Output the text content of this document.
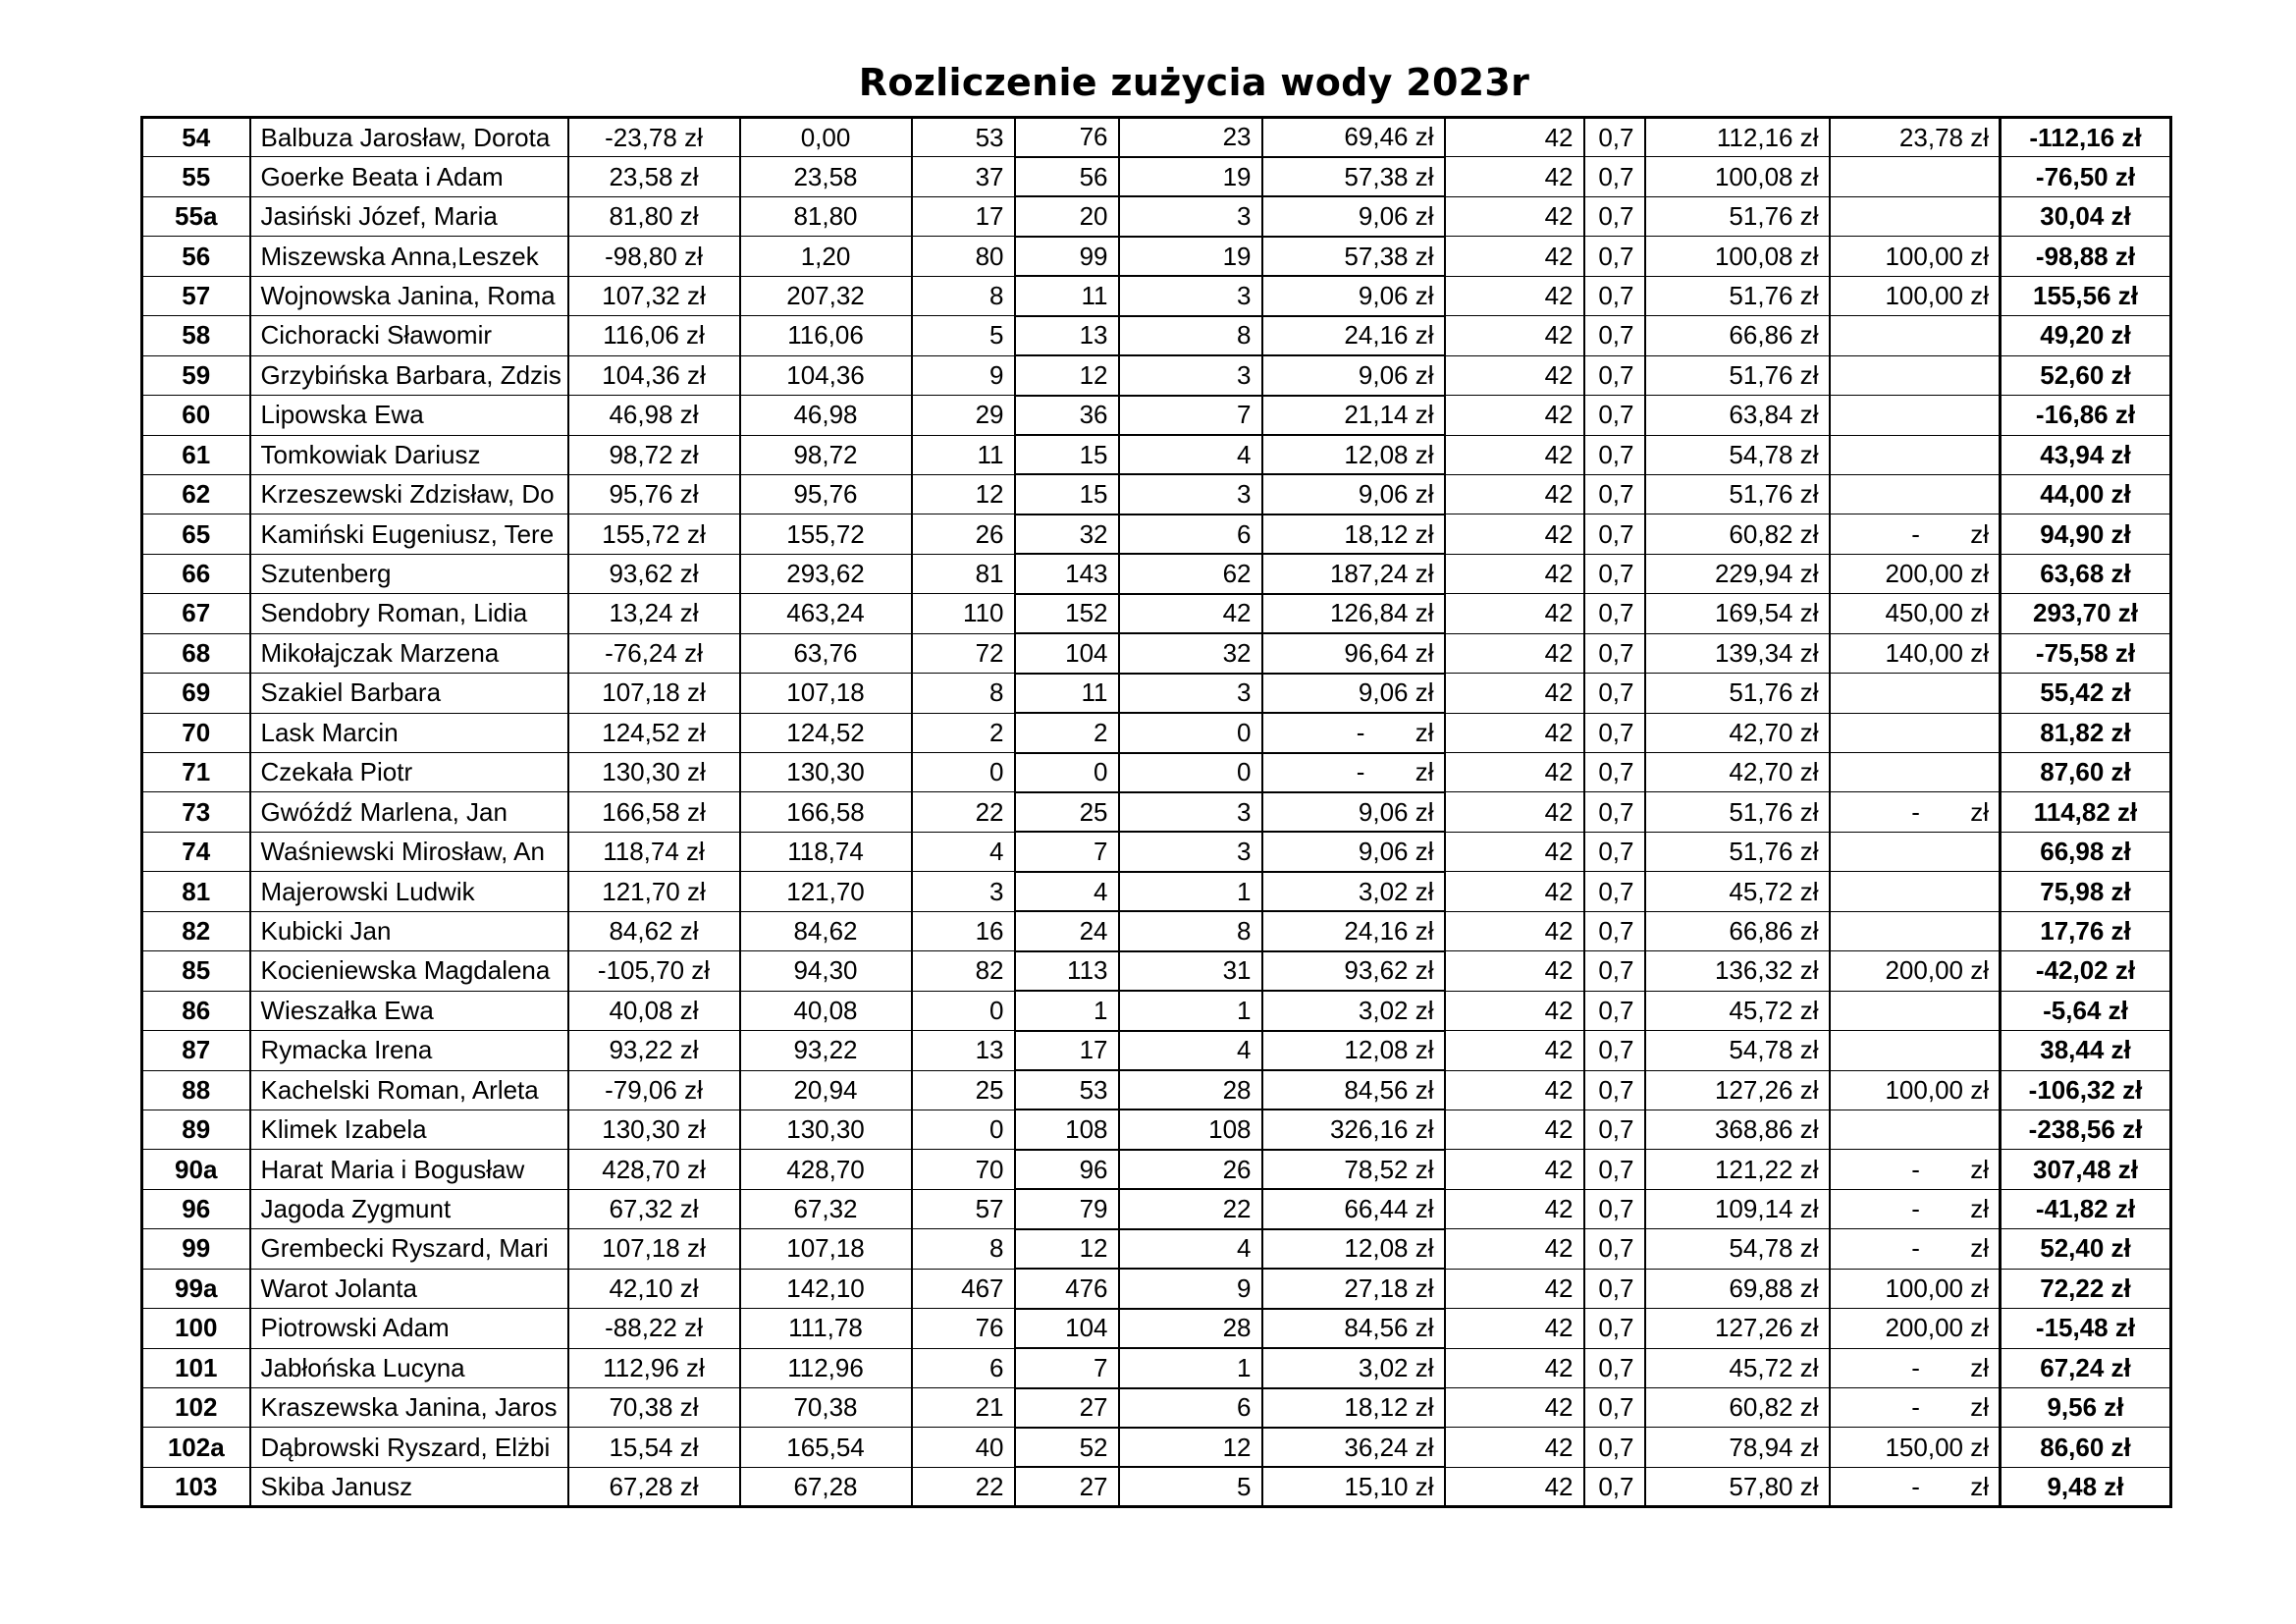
Rozliczenie zużycia wody 2023r
54	Balbuza Jarosław, Dorota	-23,78 zł	0,00	53	76	23	69,46 zł	42	0,7	112,16 zł	23,78 zł	-112,16 zł
55	Goerke Beata i Adam	23,58 zł	23,58	37	56	19	57,38 zł	42	0,7	100,08 zł		-76,50 zł
55a	Jasiński Józef, Maria	81,80 zł	81,80	17	20	3	9,06 zł	42	0,7	51,76 zł		30,04 zł
56	Miszewska Anna,Leszek	-98,80 zł	1,20	80	99	19	57,38 zł	42	0,7	100,08 zł	100,00 zł	-98,88 zł
57	Wojnowska Janina, Roma	107,32 zł	207,32	8	11	3	9,06 zł	42	0,7	51,76 zł	100,00 zł	155,56 zł
58	Cichoracki Sławomir	116,06 zł	116,06	5	13	8	24,16 zł	42	0,7	66,86 zł		49,20 zł
59	Grzybińska Barbara, Zdzis	104,36 zł	104,36	9	12	3	9,06 zł	42	0,7	51,76 zł		52,60 zł
60	Lipowska Ewa	46,98 zł	46,98	29	36	7	21,14 zł	42	0,7	63,84 zł		-16,86 zł
61	Tomkowiak Dariusz	98,72 zł	98,72	11	15	4	12,08 zł	42	0,7	54,78 zł		43,94 zł
62	Krzeszewski Zdzisław, Do	95,76 zł	95,76	12	15	3	9,06 zł	42	0,7	51,76 zł		44,00 zł
65	Kamiński Eugeniusz, Tere	155,72 zł	155,72	26	32	6	18,12 zł	42	0,7	60,82 zł	- zł	94,90 zł
66	Szutenberg	93,62 zł	293,62	81	143	62	187,24 zł	42	0,7	229,94 zł	200,00 zł	63,68 zł
67	Sendobry Roman, Lidia	13,24 zł	463,24	110	152	42	126,84 zł	42	0,7	169,54 zł	450,00 zł	293,70 zł
68	Mikołajczak Marzena	-76,24 zł	63,76	72	104	32	96,64 zł	42	0,7	139,34 zł	140,00 zł	-75,58 zł
69	Szakiel Barbara	107,18 zł	107,18	8	11	3	9,06 zł	42	0,7	51,76 zł		55,42 zł
70	Lask Marcin	124,52 zł	124,52	2	2	0	- zł	42	0,7	42,70 zł		81,82 zł
71	Czekała Piotr	130,30 zł	130,30	0	0	0	- zł	42	0,7	42,70 zł		87,60 zł
73	Gwóźdź Marlena, Jan	166,58 zł	166,58	22	25	3	9,06 zł	42	0,7	51,76 zł	- zł	114,82 zł
74	Waśniewski Mirosław, An	118,74 zł	118,74	4	7	3	9,06 zł	42	0,7	51,76 zł		66,98 zł
81	Majerowski Ludwik	121,70 zł	121,70	3	4	1	3,02 zł	42	0,7	45,72 zł		75,98 zł
82	Kubicki Jan	84,62 zł	84,62	16	24	8	24,16 zł	42	0,7	66,86 zł		17,76 zł
85	Kocieniewska Magdalena	-105,70 zł	94,30	82	113	31	93,62 zł	42	0,7	136,32 zł	200,00 zł	-42,02 zł
86	Wieszałka Ewa	40,08 zł	40,08	0	1	1	3,02 zł	42	0,7	45,72 zł		-5,64 zł
87	Rymacka Irena	93,22 zł	93,22	13	17	4	12,08 zł	42	0,7	54,78 zł		38,44 zł
88	Kachelski Roman, Arleta	-79,06 zł	20,94	25	53	28	84,56 zł	42	0,7	127,26 zł	100,00 zł	-106,32 zł
89	Klimek Izabela	130,30 zł	130,30	0	108	108	326,16 zł	42	0,7	368,86 zł		-238,56 zł
90a	Harat Maria i Bogusław	428,70 zł	428,70	70	96	26	78,52 zł	42	0,7	121,22 zł	- zł	307,48 zł
96	Jagoda Zygmunt	67,32 zł	67,32	57	79	22	66,44 zł	42	0,7	109,14 zł	- zł	-41,82 zł
99	Grembecki Ryszard, Mari	107,18 zł	107,18	8	12	4	12,08 zł	42	0,7	54,78 zł	- zł	52,40 zł
99a	Warot Jolanta	42,10 zł	142,10	467	476	9	27,18 zł	42	0,7	69,88 zł	100,00 zł	72,22 zł
100	Piotrowski Adam	-88,22 zł	111,78	76	104	28	84,56 zł	42	0,7	127,26 zł	200,00 zł	-15,48 zł
101	Jabłońska Lucyna	112,96 zł	112,96	6	7	1	3,02 zł	42	0,7	45,72 zł	- zł	67,24 zł
102	Kraszewska Janina, Jaros	70,38 zł	70,38	21	27	6	18,12 zł	42	0,7	60,82 zł	- zł	9,56 zł
102a	Dąbrowski Ryszard, Elżbi	15,54 zł	165,54	40	52	12	36,24 zł	42	0,7	78,94 zł	150,00 zł	86,60 zł
103	Skiba Janusz	67,28 zł	67,28	22	27	5	15,10 zł	42	0,7	57,80 zł	- zł	9,48 zł
